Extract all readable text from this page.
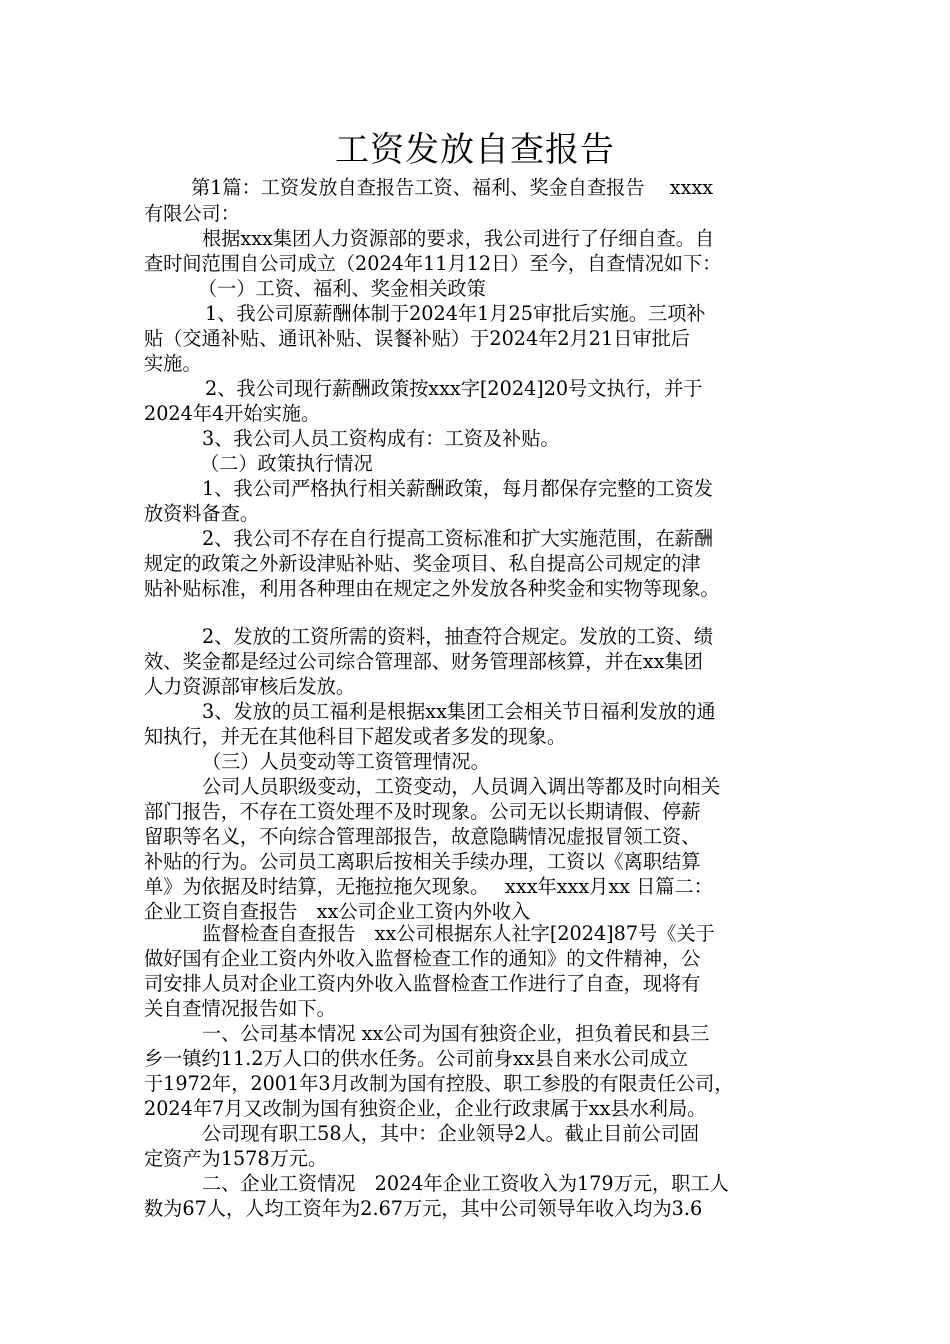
工资发放自查报告
第1篇：工资发放自查报告工资、福利、奖金自查报告　 xxxx
有限公司：
根据xxx集团人力资源部的要求，我公司进行了仔细自查。自
查时间范围自公司成立（2024年11月12日）至今，自查情况如下：
（一）工资、福利、奖金相关政策
1、我公司原薪酬体制于2024年1月25审批后实施。三项补
贴（交通补贴、通讯补贴、误餐补贴）于2024年2月21日审批后
实施。
2、我公司现行薪酬政策按xxx字[2024]20号文执行，并于
2024年4开始实施。
3、我公司人员工资构成有：工资及补贴。
（二）政策执行情况
1、我公司严格执行相关薪酬政策，每月都保存完整的工资发
放资料备查。
2、我公司不存在自行提高工资标准和扩大实施范围，在薪酬
规定的政策之外新设津贴补贴、奖金项目、私自提高公司规定的津
贴补贴标准，利用各种理由在规定之外发放各种奖金和实物等现象。
2、发放的工资所需的资料，抽查符合规定。发放的工资、绩
效、奖金都是经过公司综合管理部、财务管理部核算，并在xx集团
人力资源部审核后发放。
3、发放的员工福利是根据xx集团工会相关节日福利发放的通
知执行，并无在其他科目下超发或者多发的现象。
（三）人员变动等工资管理情况。
公司人员职级变动，工资变动，人员调入调出等都及时向相关
部门报告，不存在工资处理不及时现象。公司无以长期请假、停薪
留职等名义，不向综合管理部报告，故意隐瞒情况虚报冒领工资、
补贴的行为。公司员工离职后按相关手续办理，工资以《离职结算
单》为依据及时结算，无拖拉拖欠现象。　 xxx年xxx月xx 日篇二：
企业工资自查报告　xx公司企业工资内外收入
监督检查自查报告　xx公司根据东人社字[2024]87号《关于
做好国有企业工资内外收入监督检查工作的通知》的文件精神，公
司安排人员对企业工资内外收入监督检查工作进行了自查，现将有
关自查情况报告如下。
一、公司基本情况 xx公司为国有独资企业，担负着民和县三
乡一镇约11.2万人口的供水任务。公司前身xx县自来水公司成立
于1972年，2001年3月改制为国有控股、职工参股的有限责任公司，
2024年7月又改制为国有独资企业，企业行政隶属于xx县水利局。
公司现有职工58人，其中：企业领导2人。截止目前公司固
定资产为1578万元。
二、企业工资情况　2024年企业工资收入为179万元，职工人
数为67人，人均工资年为2.67万元，其中公司领导年收入均为3.6
